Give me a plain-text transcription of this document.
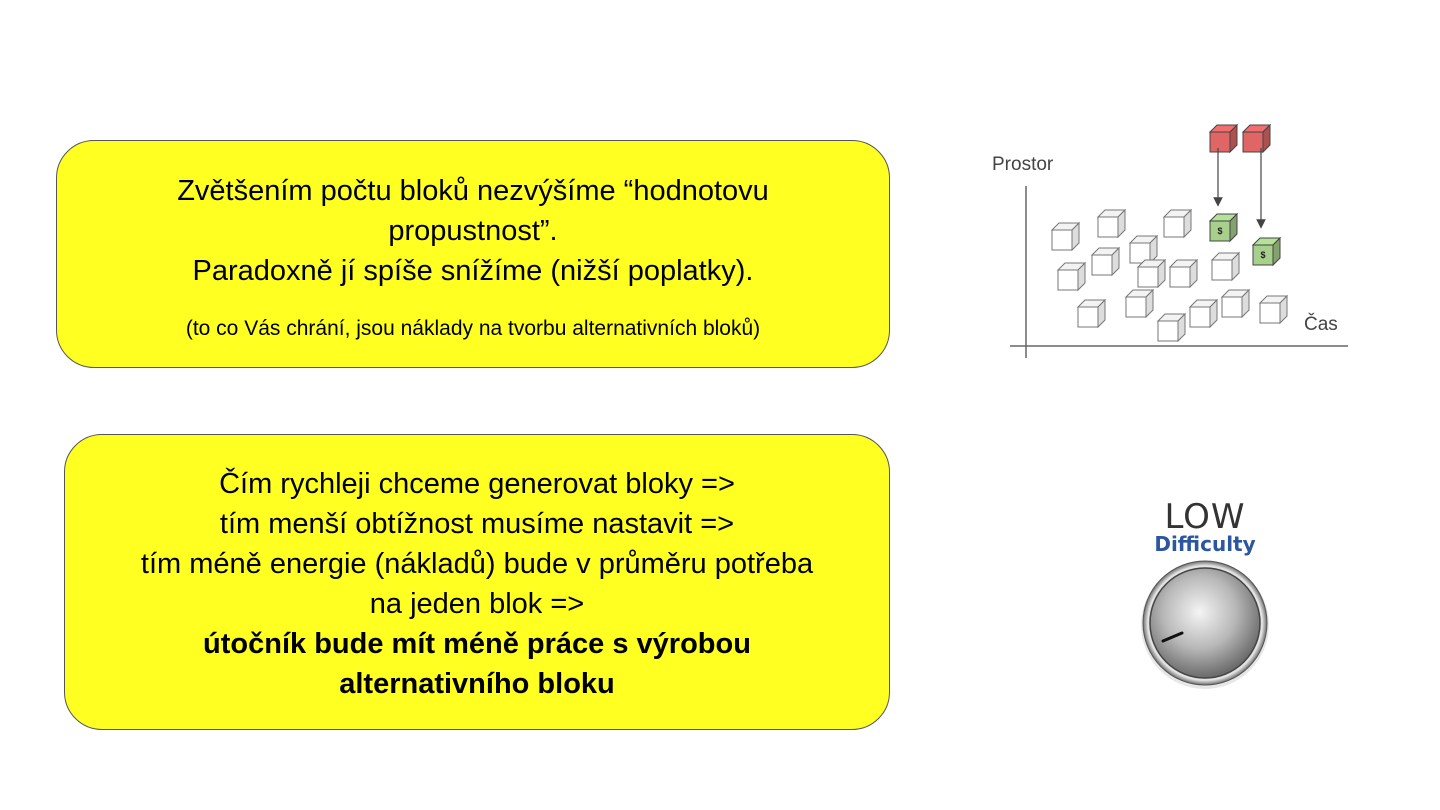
Zvětšením počtu bloků nezvýšíme “hodnotovu
propustnost”.
Paradoxně jí spíše snížíme (nižší poplatky).
(to co Vás chrání, jsou náklady na tvorbu alternativních bloků)
Čím rychleji chceme generovat bloky =>
tím menší obtížnost musíme nastavit =>
tím méně energie (nákladů) bude v průměru potřeba
na jeden blok =>
útočník bude mít méně práce s výrobou
alternativního bloku
Prostor
Čas
$
$
LOW
Difficulty
